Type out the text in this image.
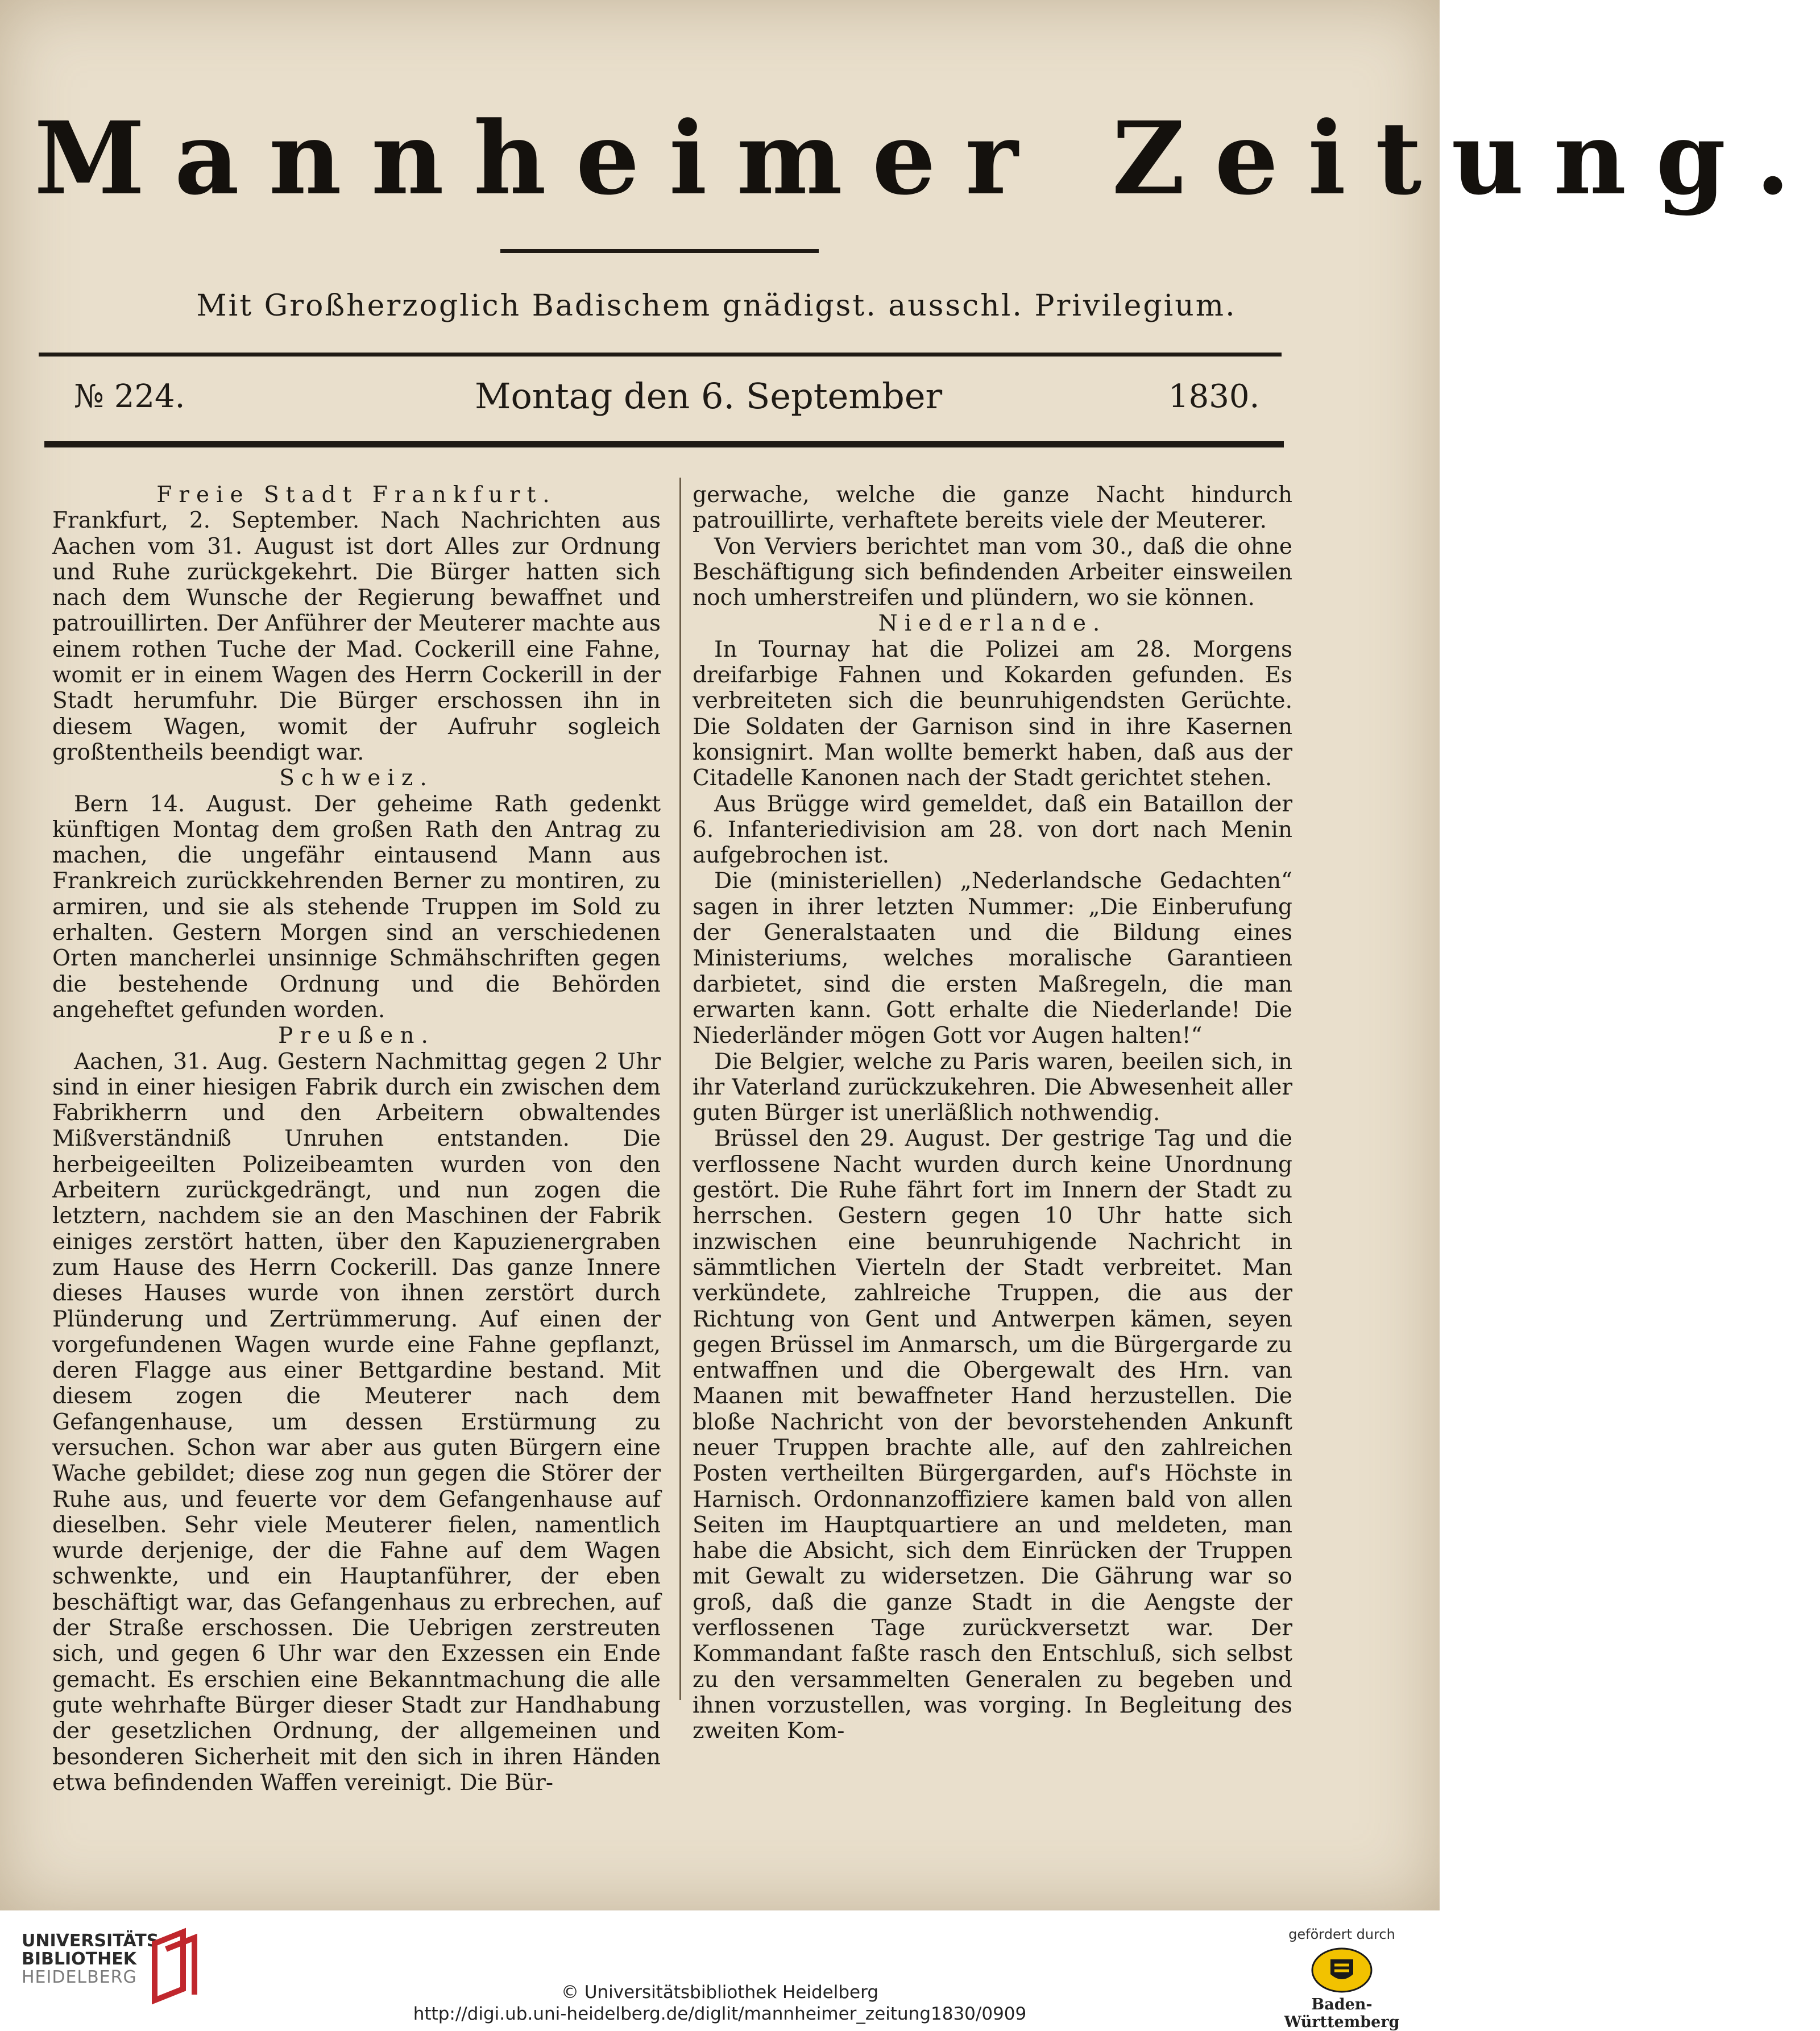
Mannheimer Zeitung.
Mit Großherzoglich Badischem gnädigst. ausschl. Privilegium.
№ 224.	Montag den 6. September	1830.
Freie Stadt Frankfurt.

Frankfurt, 2. September. Nach Nachrichten aus Aachen vom 31. August ist dort Alles zur Ordnung und Ruhe zurückgekehrt. Die Bürger hatten sich nach dem Wunsche der Regierung bewaffnet und patrouillirten. Der Anführer der Meuterer machte aus einem rothen Tuche der Mad. Cockerill eine Fahne, womit er in einem Wagen des Herrn Cockerill in der Stadt herumfuhr. Die Bürger erschossen ihn in diesem Wagen, womit der Aufruhr sogleich großtentheils beendigt war.

Schweiz.

Bern 14. August. Der geheime Rath gedenkt künftigen Montag dem großen Rath den Antrag zu machen, die ungefähr eintausend Mann aus Frankreich zurückkehrenden Berner zu montiren, zu armiren, und sie als stehende Truppen im Sold zu erhalten. Gestern Morgen sind an verschiedenen Orten mancherlei unsinnige Schmähschriften gegen die bestehende Ordnung und die Behörden angeheftet gefunden worden.

Preußen.

Aachen, 31. Aug. Gestern Nachmittag gegen 2 Uhr sind in einer hiesigen Fabrik durch ein zwischen dem Fabrikherrn und den Arbeitern obwaltendes Mißverständniß Unruhen entstanden. Die herbeigeeilten Polizeibeamten wurden von den Arbeitern zurückgedrängt, und nun zogen die letztern, nachdem sie an den Maschinen der Fabrik einiges zerstört hatten, über den Kapuzienergraben zum Hause des Herrn Cockerill. Das ganze Innere dieses Hauses wurde von ihnen zerstört durch Plünderung und Zertrümmerung. Auf einen der vorgefundenen Wagen wurde eine Fahne gepflanzt, deren Flagge aus einer Bettgardine bestand. Mit diesem zogen die Meuterer nach dem Gefangenhause, um dessen Erstürmung zu versuchen. Schon war aber aus guten Bürgern eine Wache gebildet; diese zog nun gegen die Störer der Ruhe aus, und feuerte vor dem Gefangenhause auf dieselben. Sehr viele Meuterer fielen, namentlich wurde derjenige, der die Fahne auf dem Wagen schwenkte, und ein Hauptanführer, der eben beschäftigt war, das Gefangenhaus zu erbrechen, auf der Straße erschossen. Die Uebrigen zerstreuten sich, und gegen 6 Uhr war den Exzessen ein Ende gemacht. Es erschien eine Bekanntmachung die alle gute wehrhafte Bürger dieser Stadt zur Handhabung der gesetzlichen Ordnung, der allgemeinen und besonderen Sicherheit mit den sich in ihren Händen etwa befindenden Waffen vereinigt. Die Bür-

gerwache, welche die ganze Nacht hindurch patrouillirte, verhaftete bereits viele der Meuterer.

Von Verviers berichtet man vom 30., daß die ohne Beschäftigung sich befindenden Arbeiter einsweilen noch umherstreifen und plündern, wo sie können.

Niederlande.

In Tournay hat die Polizei am 28. Morgens dreifarbige Fahnen und Kokarden gefunden. Es verbreiteten sich die beunruhigendsten Gerüchte. Die Soldaten der Garnison sind in ihre Kasernen konsignirt. Man wollte bemerkt haben, daß aus der Citadelle Kanonen nach der Stadt gerichtet stehen.

Aus Brügge wird gemeldet, daß ein Bataillon der 6. Infanteriedivision am 28. von dort nach Menin aufgebrochen ist.

Die (ministeriellen) „Nederlandsche Gedachten“ sagen in ihrer letzten Nummer: „Die Einberufung der Generalstaaten und die Bildung eines Ministeriums, welches moralische Garantieen darbietet, sind die ersten Maßregeln, die man erwarten kann. Gott erhalte die Niederlande! Die Niederländer mögen Gott vor Augen halten!“

Die Belgier, welche zu Paris waren, beeilen sich, in ihr Vaterland zurückzukehren. Die Abwesenheit aller guten Bürger ist unerläßlich nothwendig.

Brüssel den 29. August. Der gestrige Tag und die verflossene Nacht wurden durch keine Unordnung gestört. Die Ruhe fährt fort im Innern der Stadt zu herrschen. Gestern gegen 10 Uhr hatte sich inzwischen eine beunruhigende Nachricht in sämmtlichen Vierteln der Stadt verbreitet. Man verkündete, zahlreiche Truppen, die aus der Richtung von Gent und Antwerpen kämen, seyen gegen Brüssel im Anmarsch, um die Bürgergarde zu entwaffnen und die Obergewalt des Hrn. van Maanen mit bewaffneter Hand herzustellen. Die bloße Nachricht von der bevorstehenden Ankunft neuer Truppen brachte alle, auf den zahlreichen Posten vertheilten Bürgergarden, auf's Höchste in Harnisch. Ordonnanzoffiziere kamen bald von allen Seiten im Hauptquartiere an und meldeten, man habe die Absicht, sich dem Einrücken der Truppen mit Gewalt zu widersetzen. Die Gährung war so groß, daß die ganze Stadt in die Aengste der verflossenen Tage zurückversetzt war. Der Kommandant faßte rasch den Entschluß, sich selbst zu den versammelten Generalen zu begeben und ihnen vorzustellen, was vorging. In Begleitung des zweiten Kom-

UNIVERSITÄTS-
BIBLIOTHEK
HEIDELBERG
© Universitätsbibliothek Heidelberg
http://digi.ub.uni-heidelberg.de/diglit/mannheimer_zeitung1830/0909
gefördert durch
Baden-Württemberg
